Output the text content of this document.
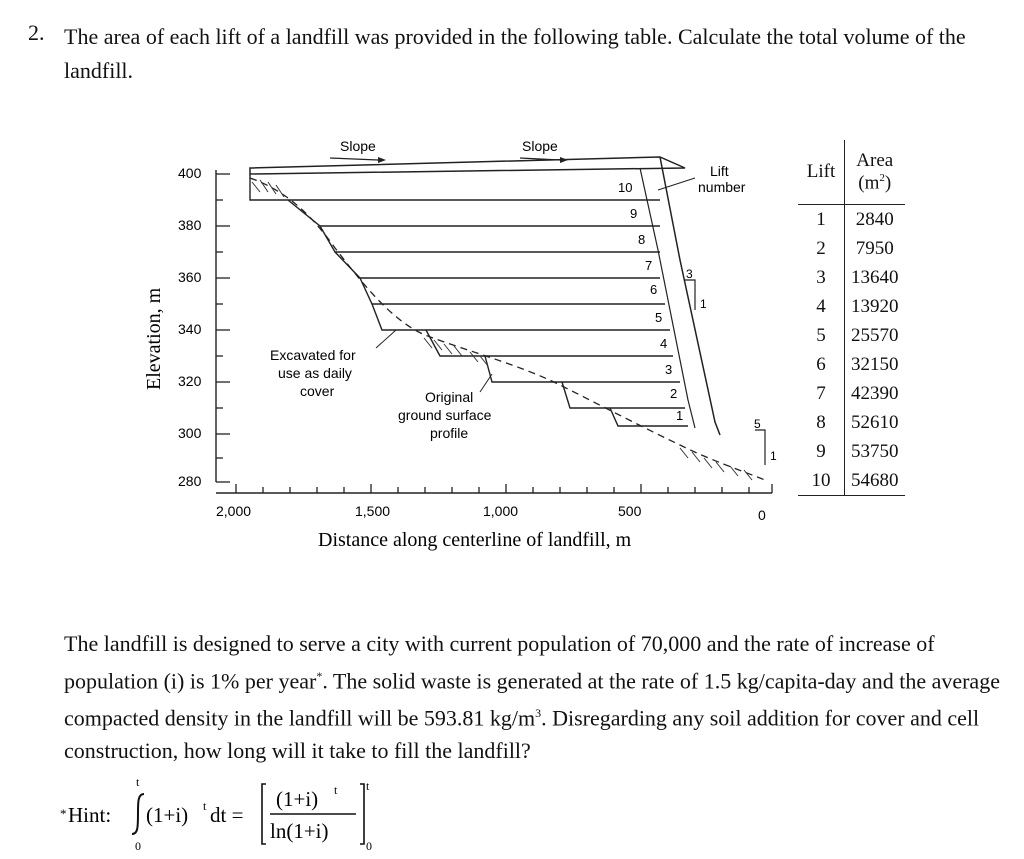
2. The area of each lift of a landfill was provided in the following table. Calculate the total volume of the landfill.
Slope	Slope
Lift
number
400
380
360
340
320
300
280
2,000	1,500	1,000	500	0
Elevation, m
Distance along centerline of landfill, m
10
9
8
7
6
5
4
3
2
1
Excavated for
use as daily
cover	Original
ground surface
profile
3
1
5
1
Lift	Area
$(m^2)$

1	2840
2	7950
3	13640
4	13920
5	25570
6	32150
7	42390
8	52610
9	53750
10	54680
The landfill is designed to serve a city with current population of 70,000 and the rate of increase of population (i) is 1% per year*. The solid waste is generated at the rate of 1.5 kg/capita-day and the average compacted density in the landfill will be 593.81 $kg/m^3$. Disregarding any soil addition for cover and cell construction, how long will it take to fill the landfill?
* Hint:
t
0
(1+i) t dt =
(1+i) t
ln(1+i)
t
0
